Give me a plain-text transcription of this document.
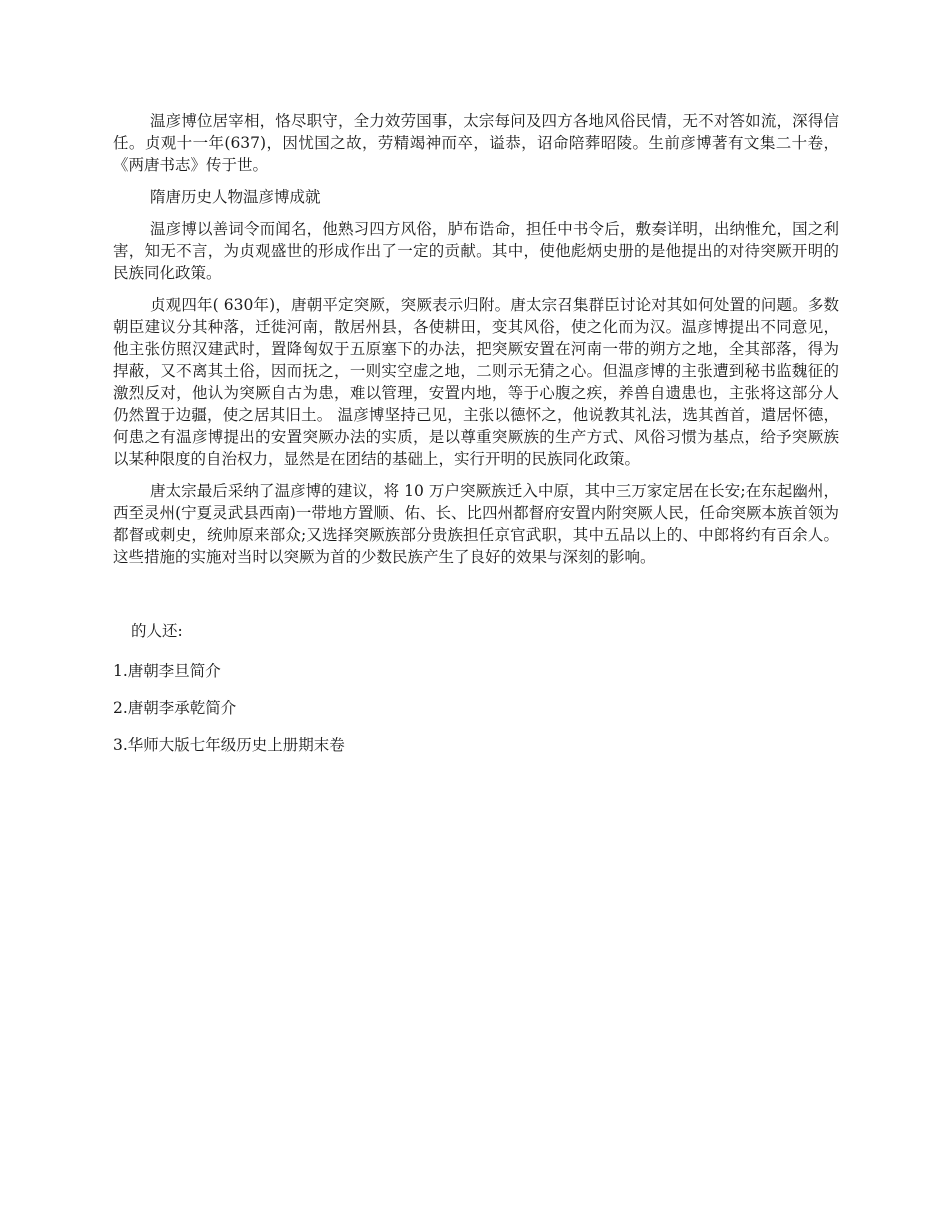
温彦博位居宰相，恪尽职守，全力效劳国事，太宗每问及四方各地风俗民情，无不对答如流，深得信任。贞观十一年(637)，因忧国之故，劳精竭神而卒，谥恭，诏命陪葬昭陵。生前彦博著有文集二十卷，《两唐书志》传于世。

隋唐历史人物温彦博成就

温彦博以善词令而闻名，他熟习四方风俗，胪布诰命，担任中书令后，敷奏详明，出纳惟允，国之利害，知无不言，为贞观盛世的形成作出了一定的贡献。其中，使他彪炳史册的是他提出的对待突厥开明的民族同化政策。

贞观四年( 630年)，唐朝平定突厥，突厥表示归附。唐太宗召集群臣讨论对其如何处置的问题。多数朝臣建议分其种落，迁徙河南，散居州县，各使耕田，变其风俗，使之化而为汉。温彦博提出不同意见，他主张仿照汉建武时，置降匈奴于五原塞下的办法，把突厥安置在河南一带的朔方之地，全其部落，得为捍蔽，又不离其土俗，因而抚之，一则实空虚之地，二则示无猜之心。但温彦博的主张遭到秘书监魏征的激烈反对，他认为突厥自古为患，难以管理，安置内地，等于心腹之疾，养兽自遗患也，主张将这部分人仍然置于边疆，使之居其旧土。 温彦博坚持己见，主张以德怀之，他说教其礼法，选其酋首，遣居怀德，何患之有温彦博提出的安置突厥办法的实质，是以尊重突厥族的生产方式、风俗习惯为基点，给予突厥族以某种限度的自治权力，显然是在团结的基础上，实行开明的民族同化政策。

唐太宗最后采纳了温彦博的建议，将 10 万户突厥族迁入中原，其中三万家定居在长安;在东起幽州，西至灵州(宁夏灵武县西南)一带地方置顺、佑、长、比四州都督府安置内附突厥人民，任命突厥本族首领为都督或刺史，统帅原来部众;又选择突厥族部分贵族担任京官武职，其中五品以上的、中郎将约有百余人。这些措施的实施对当时以突厥为首的少数民族产生了良好的效果与深刻的影响。

的人还:
1.唐朝李旦简介
2.唐朝李承乾简介
3.华师大版七年级历史上册期末卷
